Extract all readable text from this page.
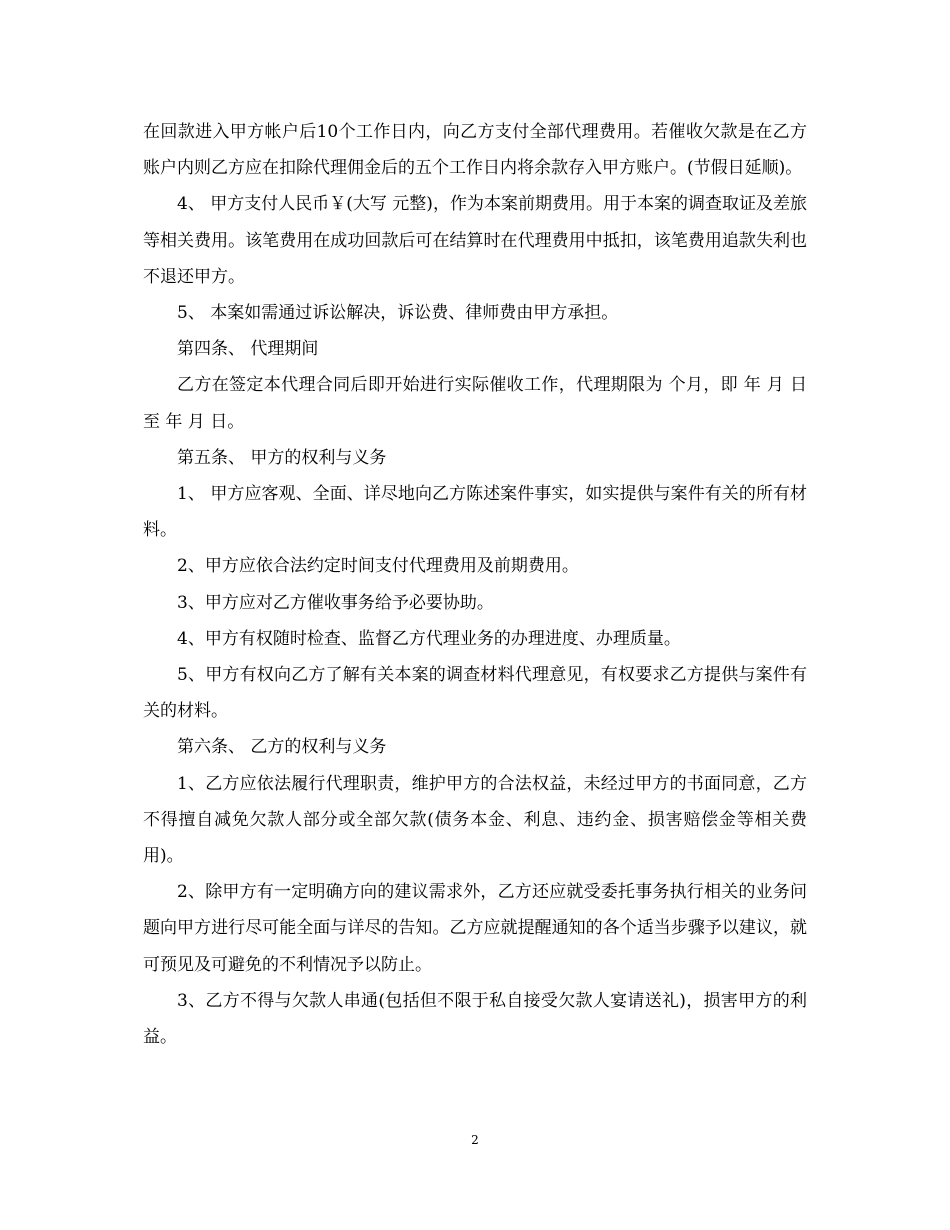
在回款进入甲方帐户后10个工作日内，向乙方支付全部代理费用。若催收欠款是在乙方账户内则乙方应在扣除代理佣金后的五个工作日内将余款存入甲方账户。(节假日延顺)。

4、 甲方支付人民币￥(大写 元整)，作为本案前期费用。用于本案的调查取证及差旅等相关费用。该笔费用在成功回款后可在结算时在代理费用中抵扣，该笔费用追款失利也不退还甲方。

5、 本案如需通过诉讼解决，诉讼费、律师费由甲方承担。

第四条、 代理期间

乙方在签定本代理合同后即开始进行实际催收工作，代理期限为 个月，即 年 月 日至 年 月 日。

第五条、 甲方的权利与义务

1、 甲方应客观、全面、详尽地向乙方陈述案件事实，如实提供与案件有关的所有材料。

2、甲方应依合法约定时间支付代理费用及前期费用。

3、甲方应对乙方催收事务给予必要协助。

4、甲方有权随时检查、监督乙方代理业务的办理进度、办理质量。

5、甲方有权向乙方了解有关本案的调查材料代理意见，有权要求乙方提供与案件有关的材料。

第六条、 乙方的权利与义务

1、乙方应依法履行代理职责，维护甲方的合法权益，未经过甲方的书面同意，乙方不得擅自减免欠款人部分或全部欠款(债务本金、利息、违约金、损害赔偿金等相关费用)。

2、除甲方有一定明确方向的建议需求外，乙方还应就受委托事务执行相关的业务问题向甲方进行尽可能全面与详尽的告知。乙方应就提醒通知的各个适当步骤予以建议，就可预见及可避免的不利情况予以防止。

3、乙方不得与欠款人串通(包括但不限于私自接受欠款人宴请送礼)，损害甲方的利益。

2
